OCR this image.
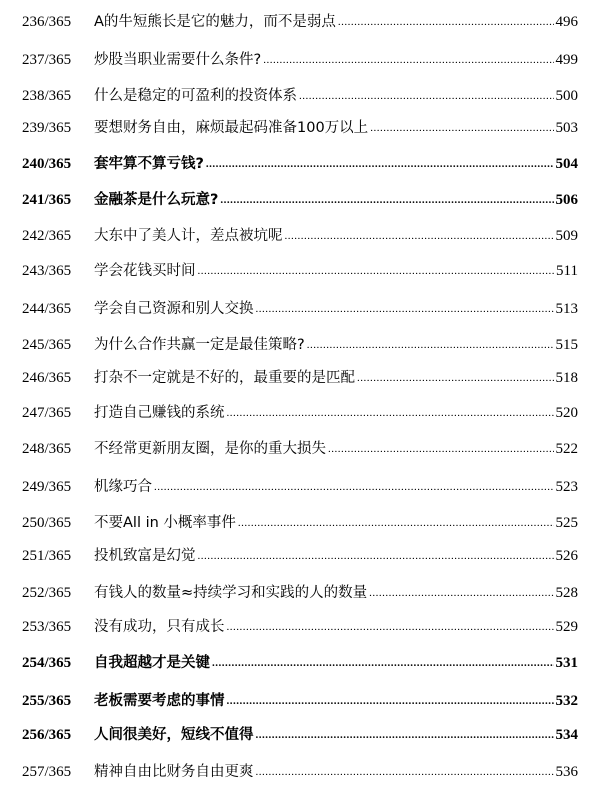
236/365	A的牛短熊长是它的魅力，而不是弱点 .....	496
237/365	炒股当职业需要什么条件? .....	499
238/365	什么是稳定的可盈利的投资体系 .....	500
239/365	要想财务自由，麻烦最起码准备100万以上 .....	503
240/365	套牢算不算亏钱? .....	504
241/365	金融茶是什么玩意? .....	506
242/365	大东中了美人计，差点被坑呢 .....	509
243/365	学会花钱买时间 .....	511
244/365	学会自己资源和别人交换 .....	513
245/365	为什么合作共赢一定是最佳策略? .....	515
246/365	打杂不一定就是不好的，最重要的是匹配 .....	518
247/365	打造自己赚钱的系统 .....	520
248/365	不经常更新朋友圈，是你的重大损失 .....	522
249/365	机缘巧合 .....	523
250/365	不要All in 小概率事件 .....	525
251/365	投机致富是幻觉 .....	526
252/365	有钱人的数量≈持续学习和实践的人的数量 .....	528
253/365	没有成功，只有成长 .....	529
254/365	自我超越才是关键 .....	531
255/365	老板需要考虑的事情 .....	532
256/365	人间很美好，短线不值得 .....	534
257/365	精神自由比财务自由更爽 .....	536
